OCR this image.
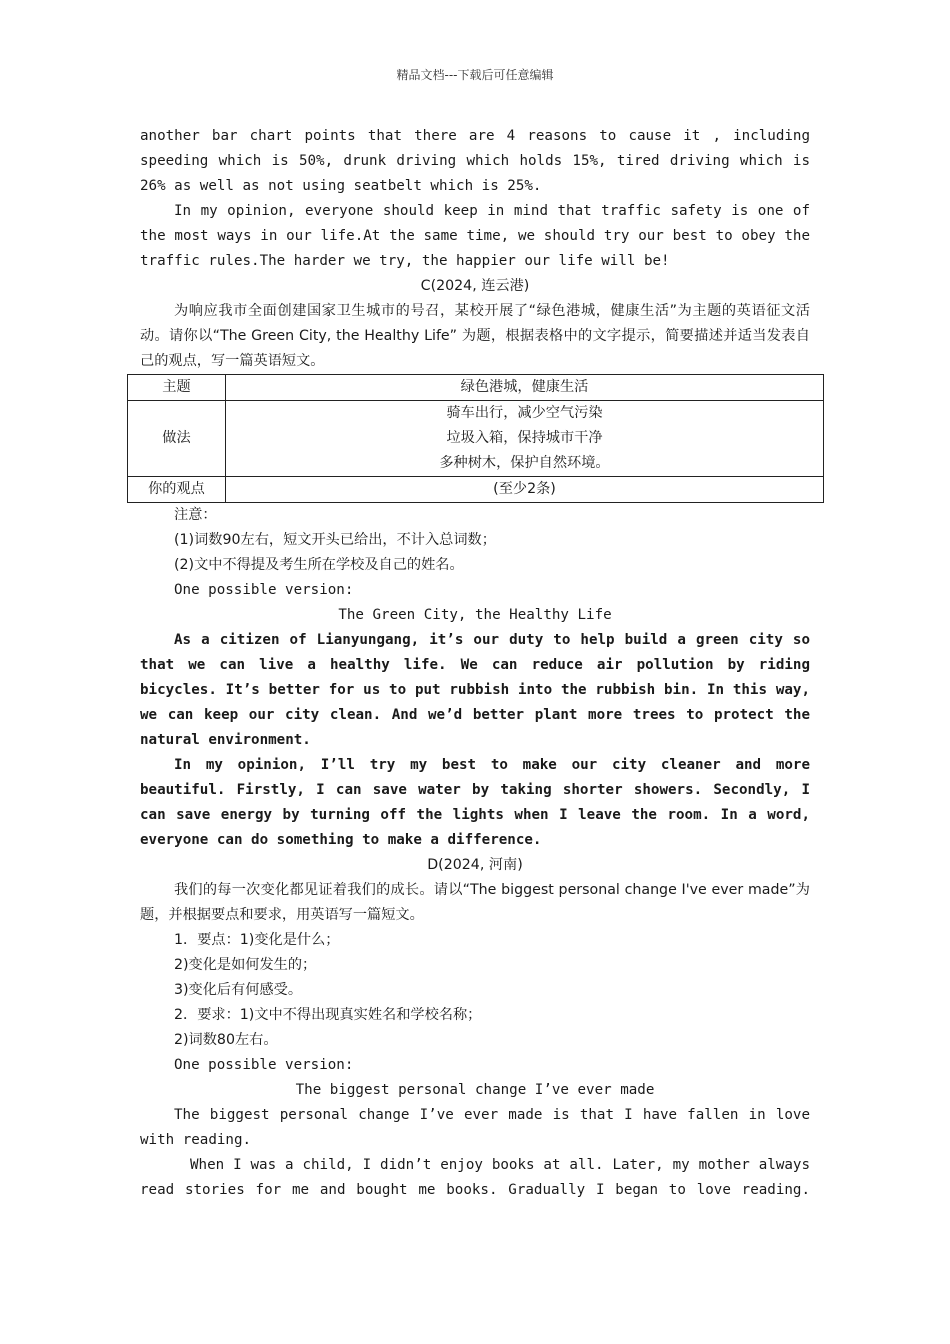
精品文档---下载后可任意编辑

another bar chart points that there are 4 reasons to cause it , including speeding which is 50%, drunk driving which holds 15%, tired driving which is 26% as well as not using seatbelt which is 25%.

In my opinion, everyone should keep in mind that traffic safety is one of the most ways in our life.At the same time, we should try our best to obey the traffic rules.The harder we try, the happier our life will be!

C(2024, 连云港)

为响应我市全面创建国家卫生城市的号召，某校开展了“绿色港城，健康生活”为主题的英语征文活动。请你以“The Green City, the Healthy Life” 为题，根据表格中的文字提示，简要描述并适当发表自己的观点，写一篇英语短文。

主题	绿色港城，健康生活
做法	骑车出行，减少空气污染
垃圾入箱，保持城市干净
多种树木，保护自然环境。

你的观点	(至少2条)

注意：

(1)词数90左右，短文开头已给出，不计入总词数；

(2)文中不得提及考生所在学校及自己的姓名。

One possible version:

The Green City, the Healthy Life

As a citizen of Lianyungang, it’s our duty to help build a green city so that we can live a healthy life. We can reduce air pollution by riding bicycles. It’s better for us to put rubbish into the rubbish bin. In this way, we can keep our city clean. And we’d better plant more trees to protect the natural environment.

In my opinion, I’ll try my best to make our city cleaner and more beautiful. Firstly, I can save water by taking shorter showers. Secondly, I can save energy by turning off the lights when I leave the room. In a word, everyone can do something to make a difference.

D(2024, 河南)

我们的每一次变化都见证着我们的成长。请以“The biggest personal change I've ever made”为题，并根据要点和要求，用英语写一篇短文。

1．要点：1)变化是什么；

2)变化是如何发生的；

3)变化后有何感受。

2．要求：1)文中不得出现真实姓名和学校名称；

2)词数80左右。

One possible version:

The biggest personal change I’ve ever made

The biggest personal change I’ve ever made is that I have fallen in love with reading.

When I was a child, I didn’t enjoy books at all. Later, my mother always read stories for me and bought me books. Gradually I began to love reading.
